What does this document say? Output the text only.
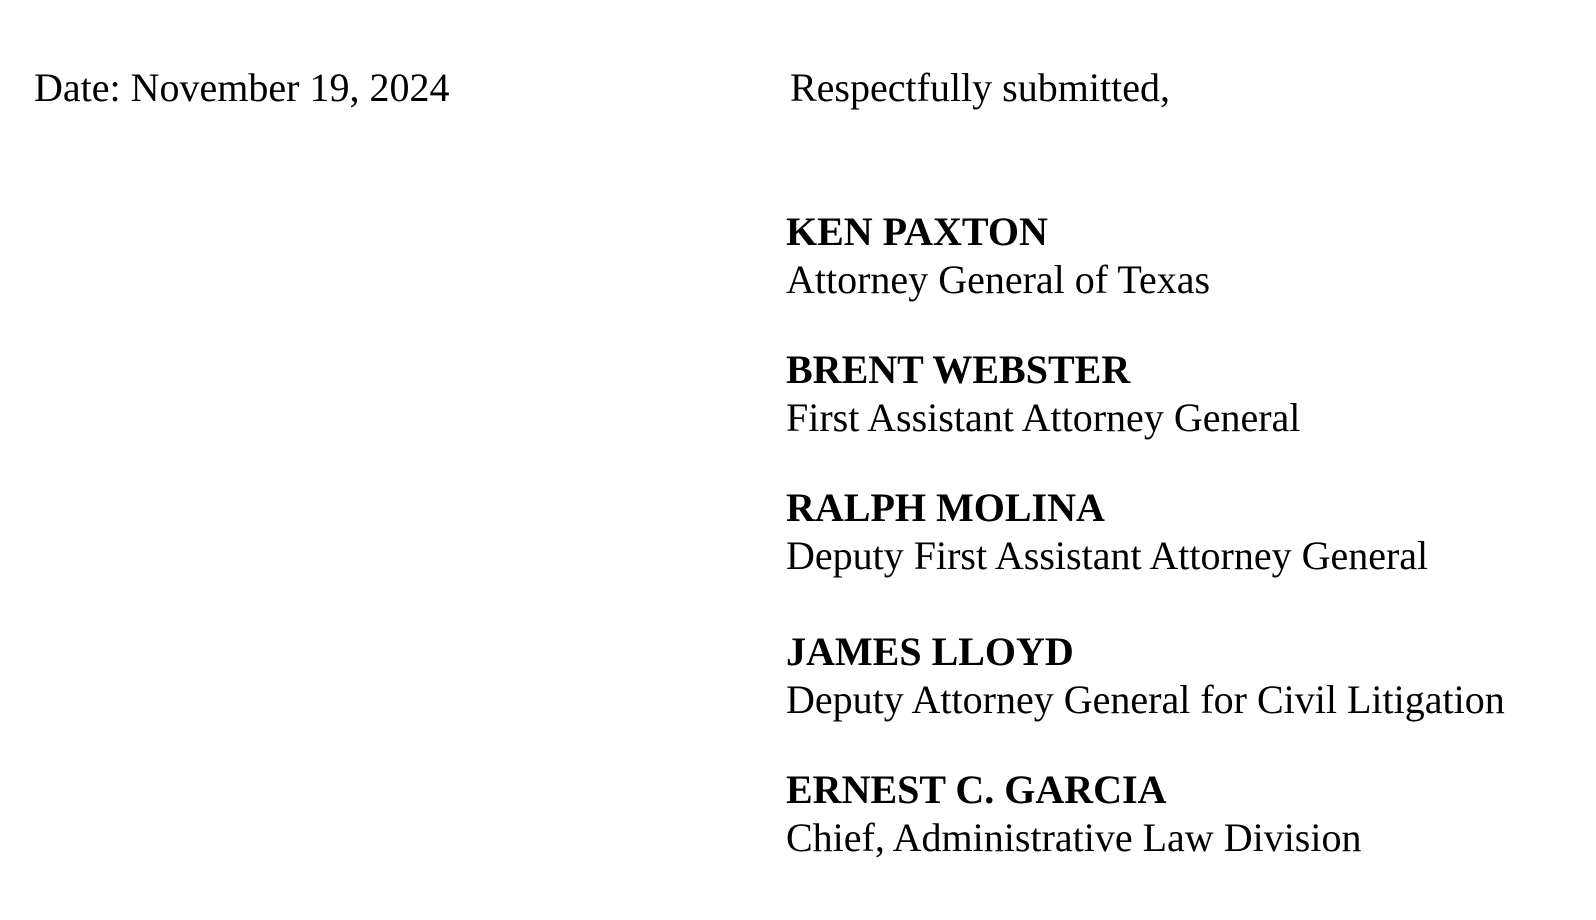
Date: November 19, 2024	Respectfully submitted,
KEN PAXTON
Attorney General of Texas
BRENT WEBSTER
First Assistant Attorney General
RALPH MOLINA
Deputy First Assistant Attorney General
JAMES LLOYD
Deputy Attorney General for Civil Litigation
ERNEST C. GARCIA
Chief, Administrative Law Division
